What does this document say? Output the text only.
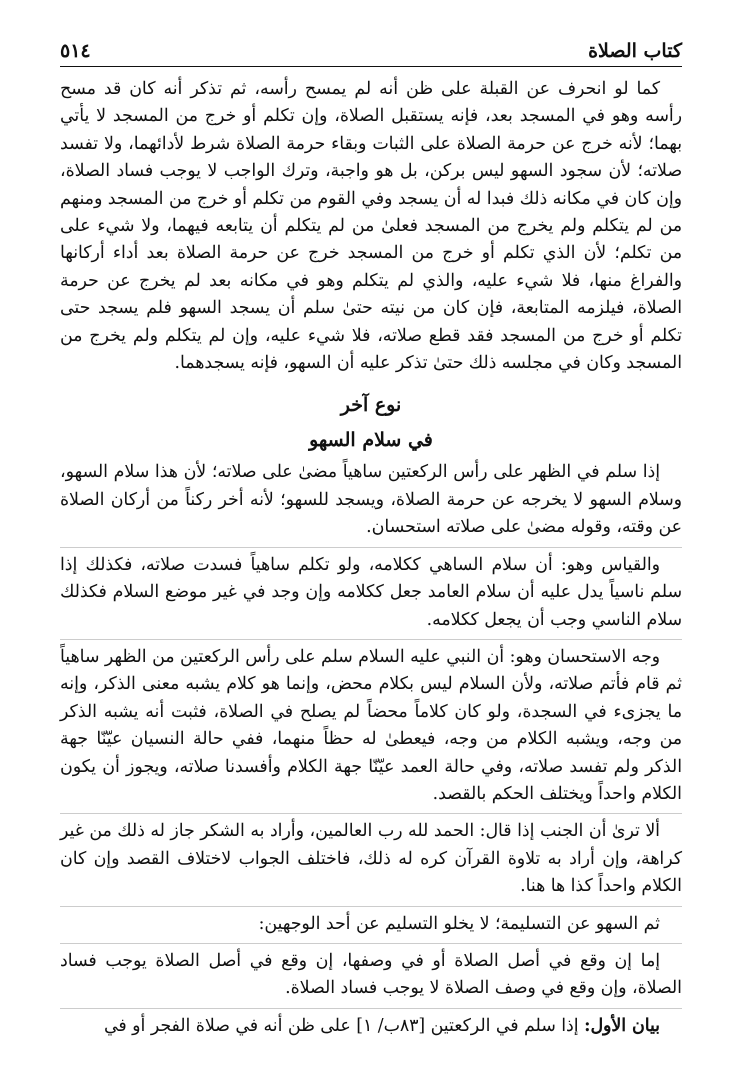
كتاب الصلاة
٥١٤

كما لو انحرف عن القبلة على ظن أنه لم يمسح رأسه، ثم تذكر أنه كان قد مسح رأسه وهو في المسجد بعد، فإنه يستقبل الصلاة، وإن تكلم أو خرج من المسجد لا يأتي بهما؛ لأنه خرج عن حرمة الصلاة على الثبات وبقاء حرمة الصلاة شرط لأدائهما، ولا تفسد صلاته؛ لأن سجود السهو ليس بركن، بل هو واجبة، وترك الواجب لا يوجب فساد الصلاة، وإن كان في مكانه ذلك فبدا له أن يسجد وفي القوم من تكلم أو خرج من المسجد ومنهم من لم يتكلم ولم يخرج من المسجد فعلىٰ من لم يتكلم أن يتابعه فيهما، ولا شيء على من تكلم؛ لأن الذي تكلم أو خرج من المسجد خرج عن حرمة الصلاة بعد أداء أركانها والفراغ منها، فلا شيء عليه، والذي لم يتكلم وهو في مكانه بعد لم يخرج عن حرمة الصلاة، فيلزمه المتابعة، فإن كان من نيته حتىٰ سلم أن يسجد السهو فلم يسجد حتى تكلم أو خرج من المسجد فقد قطع صلاته، فلا شيء عليه، وإن لم يتكلم ولم يخرج من المسجد وكان في مجلسه ذلك حتىٰ تذكر عليه أن السهو، فإنه يسجدهما.

نوع آخر
في سلام السهو

إذا سلم في الظهر على رأس الركعتين ساهياً مضىٰ على صلاته؛ لأن هذا سلام السهو، وسلام السهو لا يخرجه عن حرمة الصلاة، ويسجد للسهو؛ لأنه أخر ركناً من أركان الصلاة عن وقته، وقوله مضىٰ على صلاته استحسان.

والقياس وهو: أن سلام الساهي ككلامه، ولو تكلم ساهياً فسدت صلاته، فكذلك إذا سلم ناسياً يدل عليه أن سلام العامد جعل ككلامه وإن وجد في غير موضع السلام فكذلك سلام الناسي وجب أن يجعل ككلامه.

وجه الاستحسان وهو: أن النبي عليه السلام سلم على رأس الركعتين من الظهر ساهياً ثم قام فأتم صلاته، ولأن السلام ليس بكلام محض، وإنما هو كلام يشبه معنى الذكر، وإنه ما يجزىء في السجدة، ولو كان كلاماً محضاً لم يصلح في الصلاة، فثبت أنه يشبه الذكر من وجه، ويشبه الكلام من وجه، فيعطىٰ له حظاً منهما، ففي حالة النسيان عيّنّا جهة الذكر ولم تفسد صلاته، وفي حالة العمد عيّنّا جهة الكلام وأفسدنا صلاته، ويجوز أن يكون الكلام واحداً ويختلف الحكم بالقصد.

ألا ترىٰ أن الجنب إذا قال: الحمد لله رب العالمين، وأراد به الشكر جاز له ذلك من غير كراهة، وإن أراد به تلاوة القرآن كره له ذلك، فاختلف الجواب لاختلاف القصد وإن كان الكلام واحداً كذا ها هنا.

ثم السهو عن التسليمة؛ لا يخلو التسليم عن أحد الوجهين:

إما إن وقع في أصل الصلاة أو في وصفها، إن وقع في أصل الصلاة يوجب فساد الصلاة، وإن وقع في وصف الصلاة لا يوجب فساد الصلاة.

بيان الأول: إذا سلم في الركعتين [٨٣ب/ ١] على ظن أنه في صلاة الفجر أو في
